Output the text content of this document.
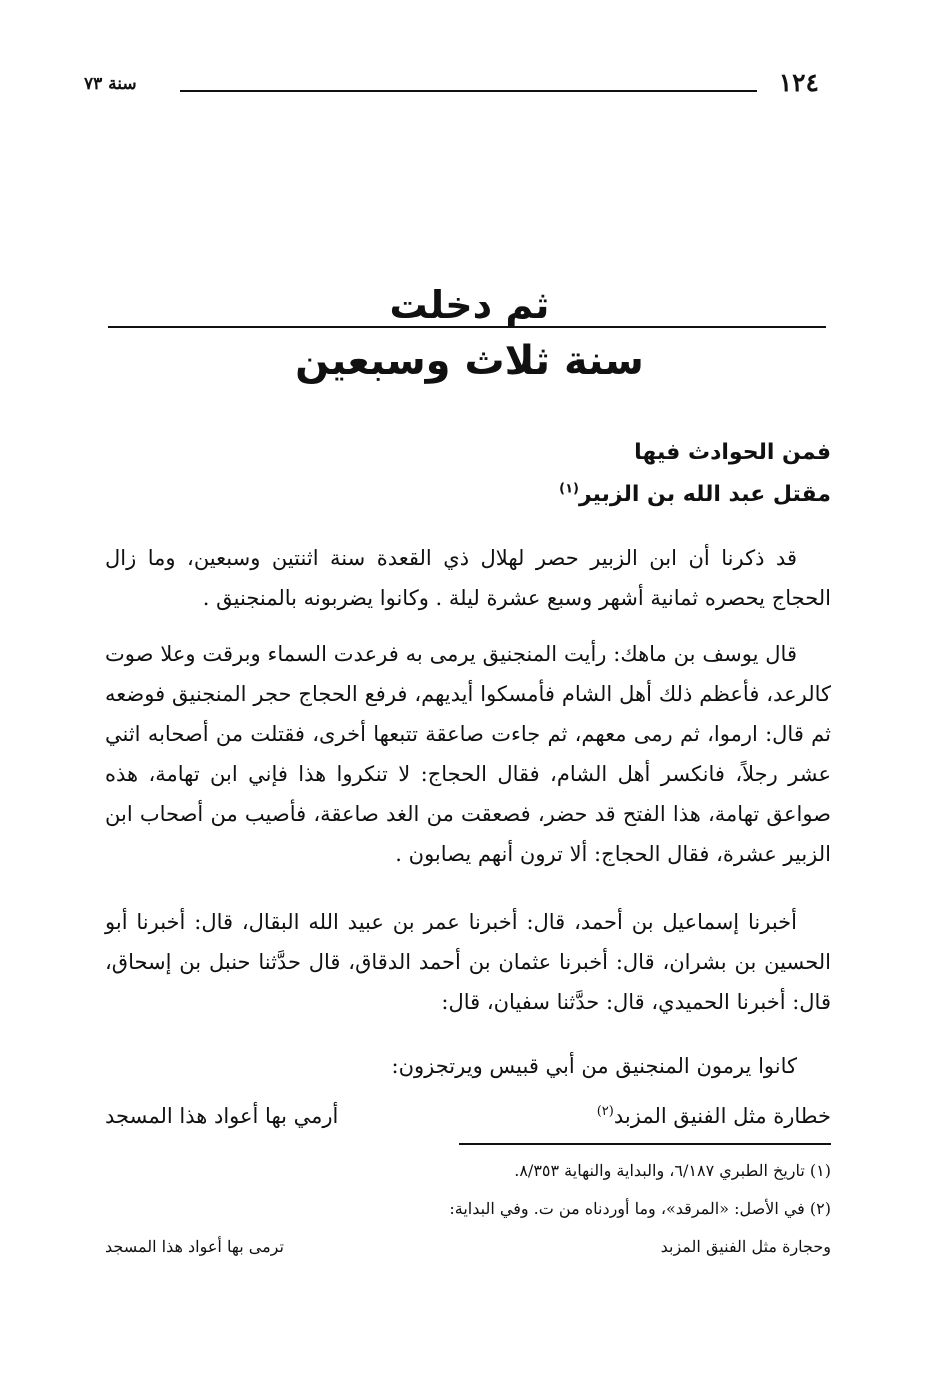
١٢٤
سنة ٧٣
ثم دخلت
سنة ثلاث وسبعين
فمن الحوادث فيها
مقتل عبد الله بن الزبير$^{(١)}$
قد ذكرنا أن ابن الزبير حصر لهلال ذي القعدة سنة اثنتين وسبعين، وما زال الحجاج يحصره ثمانية أشهر وسبع عشرة ليلة . وكانوا يضربونه بالمنجنيق .
قال يوسف بن ماهك: رأيت المنجنيق يرمى به فرعدت السماء وبرقت وعلا صوت كالرعد، فأعظم ذلك أهل الشام فأمسكوا أيديهم، فرفع الحجاج حجر المنجنيق فوضعه ثم قال: ارموا، ثم رمى معهم، ثم جاءت صاعقة تتبعها أخرى، فقتلت من أصحابه اثني عشر رجلاً، فانكسر أهل الشام، فقال الحجاج: لا تنكروا هذا فإني ابن تهامة، هذه صواعق تهامة، هذا الفتح قد حضر، فصعقت من الغد صاعقة، فأصيب من أصحاب ابن الزبير عشرة، فقال الحجاج: ألا ترون أنهم يصابون .
أخبرنا إسماعيل بن أحمد، قال: أخبرنا عمر بن عبيد الله البقال، قال: أخبرنا أبو الحسين بن بشران، قال: أخبرنا عثمان بن أحمد الدقاق، قال حدَّثنا حنبل بن إسحاق، قال: أخبرنا الحميدي، قال: حدَّثنا سفيان، قال:
كانوا يرمون المنجنيق من أبي قبيس ويرتجزون:
خطارة مثل الفنيق المزبد$^{(٢)}$
أرمي بها أعواد هذا المسجد
(١) تاريخ الطبري ٦/١٨٧، والبداية والنهاية ٨/٣٥٣.
(٢) في الأصل: «المرقد»، وما أوردناه من ت. وفي البداية:
وحجارة مثل الفنيق المزبد
ترمى بها أعواد هذا المسجد
